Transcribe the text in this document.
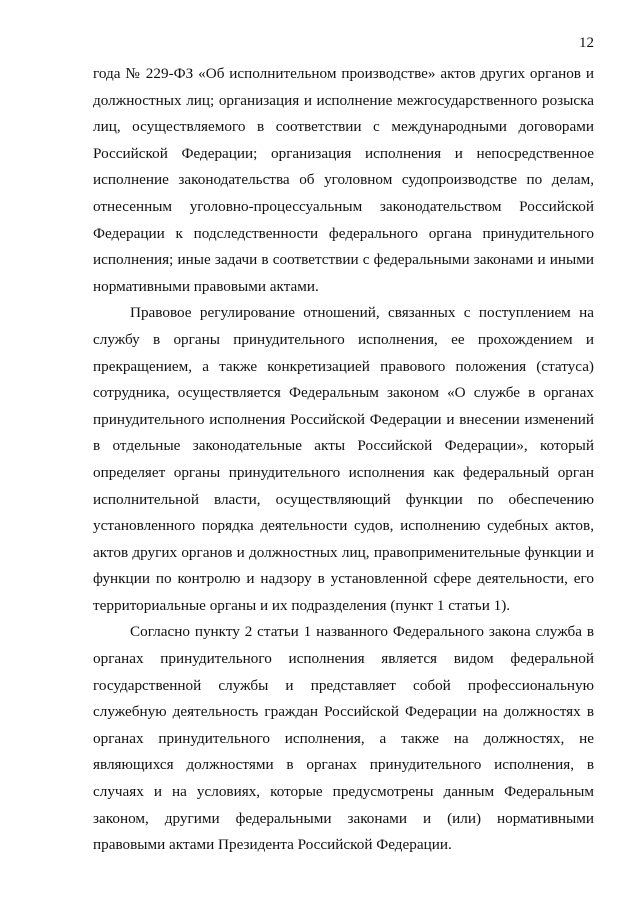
12

года № 229-ФЗ «Об исполнительном производстве» актов других органов и должностных лиц; организация и исполнение межгосударственного розыска лиц, осуществляемого в соответствии с международными договорами Российской Федерации; организация исполнения и непосредственное исполнение законодательства об уголовном судопроизводстве по делам, отнесенным уголовно-процессуальным законодательством Российской Федерации к подследственности федерального органа принудительного исполнения; иные задачи в соответствии с федеральными законами и иными нормативными правовыми актами.

Правовое регулирование отношений, связанных с поступлением на службу в органы принудительного исполнения, ее прохождением и прекращением, а также конкретизацией правового положения (статуса) сотрудника, осуществляется Федеральным законом «О службе в органах принудительного исполнения Российской Федерации и внесении изменений в отдельные законодательные акты Российской Федерации», который определяет органы принудительного исполнения как федеральный орган исполнительной власти, осуществляющий функции по обеспечению установленного порядка деятельности судов, исполнению судебных актов, актов других органов и должностных лиц, правоприменительные функции и функции по контролю и надзору в установленной сфере деятельности, его территориальные органы и их подразделения (пункт 1 статьи 1).

Согласно пункту 2 статьи 1 названного Федерального закона служба в органах принудительного исполнения является видом федеральной государственной службы и представляет собой профессиональную служебную деятельность граждан Российской Федерации на должностях в органах принудительного исполнения, а также на должностях, не являющихся должностями в органах принудительного исполнения, в случаях и на условиях, которые предусмотрены данным Федеральным законом, другими федеральными законами и (или) нормативными правовыми актами Президента Российской Федерации.
